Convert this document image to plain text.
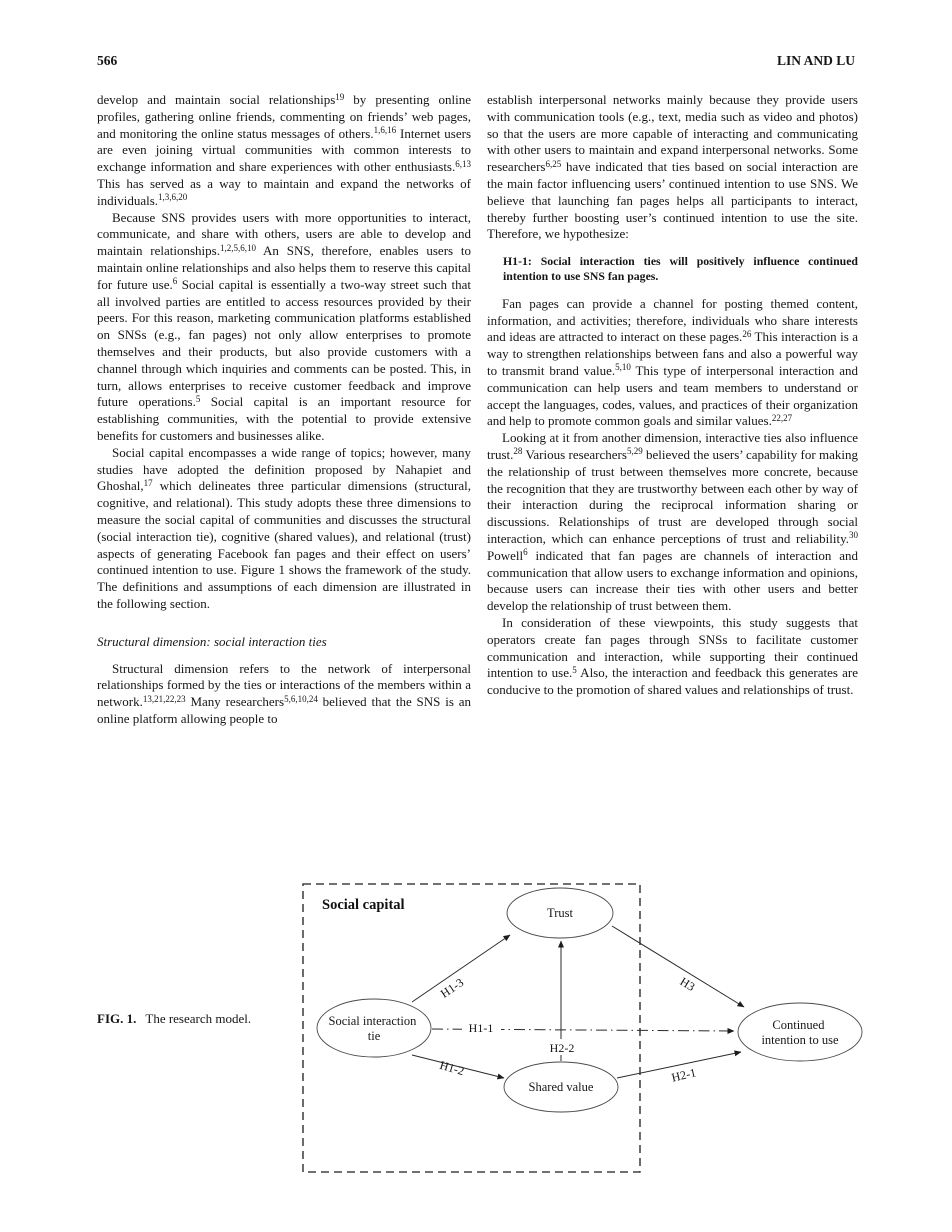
566	LIN AND LU

develop and maintain social relationships$^{19}$ by presenting online profiles, gathering online friends, commenting on friends’ web pages, and monitoring the online status messages of others.$^{1,6,16}$ Internet users are even joining virtual communities with common interests to exchange information and share experiences with other enthusiasts.$^{6,13}$ This has served as a way to maintain and expand the networks of individuals.$^{1,3,6,20}$

Because SNS provides users with more opportunities to interact, communicate, and share with others, users are able to develop and maintain relationships.$^{1,2,5,6,10}$ An SNS, therefore, enables users to maintain online relationships and also helps them to reserve this capital for future use.$^6$ Social capital is essentially a two-way street such that all involved parties are entitled to access resources provided by their peers. For this reason, marketing communication platforms established on SNSs (e.g., fan pages) not only allow enterprises to promote themselves and their products, but also provide customers with a channel through which inquiries and comments can be posted. This, in turn, allows enterprises to receive customer feedback and improve future operations.$^5$ Social capital is an important resource for establishing communities, with the potential to provide extensive benefits for customers and businesses alike.

Social capital encompasses a wide range of topics; however, many studies have adopted the definition proposed by Nahapiet and Ghoshal,$^{17}$ which delineates three particular dimensions (structural, cognitive, and relational). This study adopts these three dimensions to measure the social capital of communities and discusses the structural (social interaction tie), cognitive (shared values), and relational (trust) aspects of generating Facebook fan pages and their effect on users’ continued intention to use. Figure 1 shows the framework of the study. The definitions and assumptions of each dimension are illustrated in the following section.

Structural dimension: social interaction ties

Structural dimension refers to the network of interpersonal relationships formed by the ties or interactions of the members within a network.$^{13,21,22,23}$ Many researchers$^{5,6,10,24}$ believed that the SNS is an online platform allowing people to

establish interpersonal networks mainly because they provide users with communication tools (e.g., text, media such as video and photos) so that the users are more capable of interacting and communicating with other users to maintain and expand interpersonal networks. Some researchers$^{6,25}$ have indicated that ties based on social interaction are the main factor influencing users’ continued intention to use SNS. We believe that launching fan pages helps all participants to interact, thereby further boosting user’s continued intention to use the site. Therefore, we hypothesize:

H1-1: Social interaction ties will positively influence continued intention to use SNS fan pages.

Fan pages can provide a channel for posting themed content, information, and activities; therefore, individuals who share interests and ideas are attracted to interact on these pages.$^{26}$ This interaction is a way to strengthen relationships between fans and also a powerful way to transmit brand value.$^{5,10}$ This type of interpersonal interaction and communication can help users and team members to understand or accept the languages, codes, values, and practices of their organization and help to promote common goals and similar values.$^{22,27}$

Looking at it from another dimension, interactive ties also influence trust.$^{28}$ Various researchers$^{5,29}$ believed the users’ capability for making the relationship of trust between themselves more concrete, because the recognition that they are trustworthy between each other by way of their interaction during the reciprocal information sharing or discussions. Relationships of trust are developed through social interaction, which can enhance perceptions of trust and reliability.$^{30}$ Powell$^6$ indicated that fan pages are channels of interaction and communication that allow users to exchange information and opinions, because users can increase their ties with other users and better develop the relationship of trust between them.

In consideration of these viewpoints, this study suggests that operators create fan pages through SNSs to facilitate customer communication and interaction, while supporting their continued intention to use.$^5$ Also, the interaction and feedback this generates are conducive to the promotion of shared values and relationships of trust.

FIG. 1. The research model.

Social capital
H1-3
H1-1
H1-2
H2-2
H3
H2-1
Trust
Social interaction tie
Shared value
Continued intention to use
